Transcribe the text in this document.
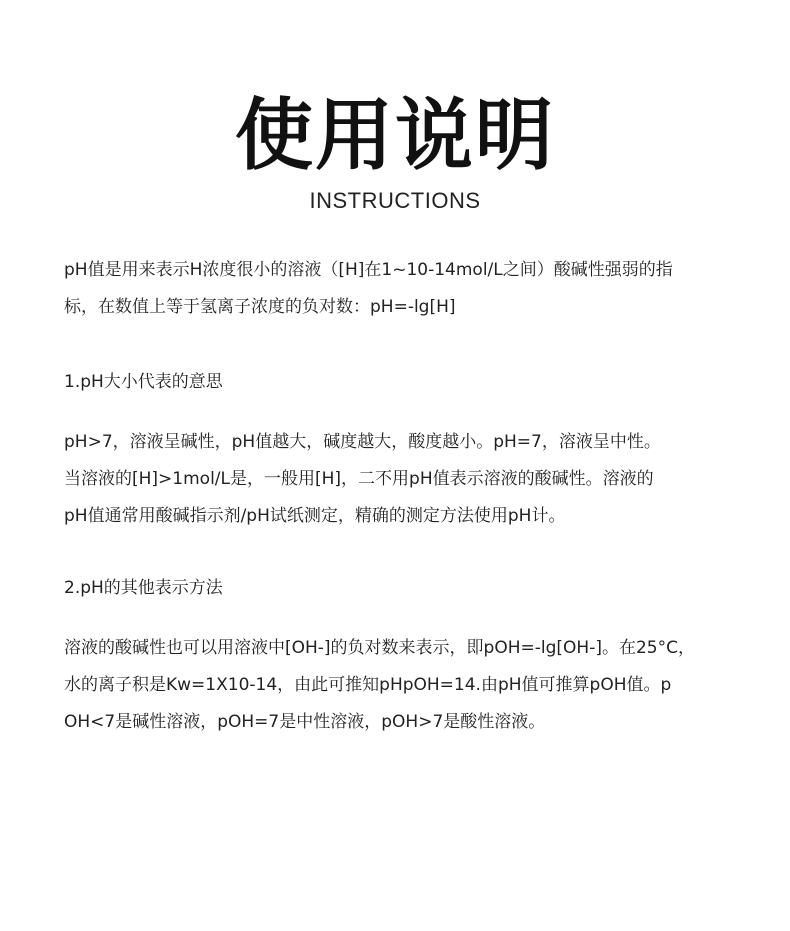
使用说明
INSTRUCTIONS

pH值是用来表示H浓度很小的溶液（[H]在1~10-14mol/L之间）酸碱性强弱的指

标，在数值上等于氢离子浓度的负对数：pH=-lg[H]

1.pH大小代表的意思

pH>7，溶液呈碱性，pH值越大，碱度越大，酸度越小。pH=7，溶液呈中性。

当溶液的[H]>1mol/L是，一般用[H]，二不用pH值表示溶液的酸碱性。溶液的

pH值通常用酸碱指示剂/pH试纸测定，精确的测定方法使用pH计。

2.pH的其他表示方法

溶液的酸碱性也可以用溶液中[OH-]的负对数来表示，即pOH=-lg[OH-]。在25°C，

水的离子积是Kw=1X10-14，由此可推知pHpOH=14.由pH值可推算pOH值。p

OH<7是碱性溶液，pOH=7是中性溶液，pOH>7是酸性溶液。
